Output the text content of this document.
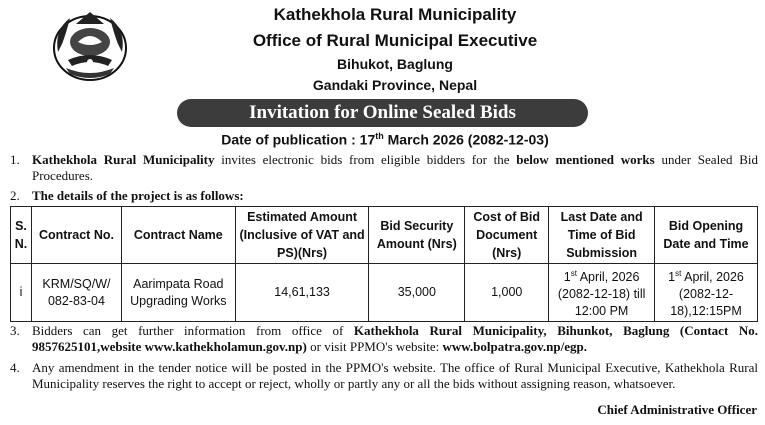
Kathekhola Rural Municipality
Office of Rural Municipal Executive
Bihukot, Baglung
Gandaki Province, Nepal
Invitation for Online Sealed Bids
Date of publication : 17th March 2026 (2082-12-03)
1. Kathekhola Rural Municipality invites electronic bids from eligible bidders for the below mentioned works under Sealed Bid Procedures.
2. The details of the project is as follows:
S. N.	Contract No.	Contract Name	Estimated Amount (Inclusive of VAT and PS)(Nrs)	Bid Security Amount (Nrs)	Cost of Bid Document (Nrs)	Last Date and Time of Bid Submission	Bid Opening Date and Time
i	KRM/SQ/W/ 082-83-04	Aarimpata Road Upgrading Works	14,61,133	35,000	1,000	1st April, 2026 (2082-12-18) till 12:00 PM	1st April, 2026 (2082-12-18),12:15PM
3. Bidders can get further information from office of Kathekhola Rural Municipality, Bihunkot, Baglung (Contact No. 9857625101,website www.kathekholamun.gov.np) or visit PPMO's website: www.bolpatra.gov.np/egp.
4. Any amendment in the tender notice will be posted in the PPMO's website. The office of Rural Municipal Executive, Kathekhola Rural Municipality reserves the right to accept or reject, wholly or partly any or all the bids without assigning reason, whatsoever.
Chief Administrative Officer
